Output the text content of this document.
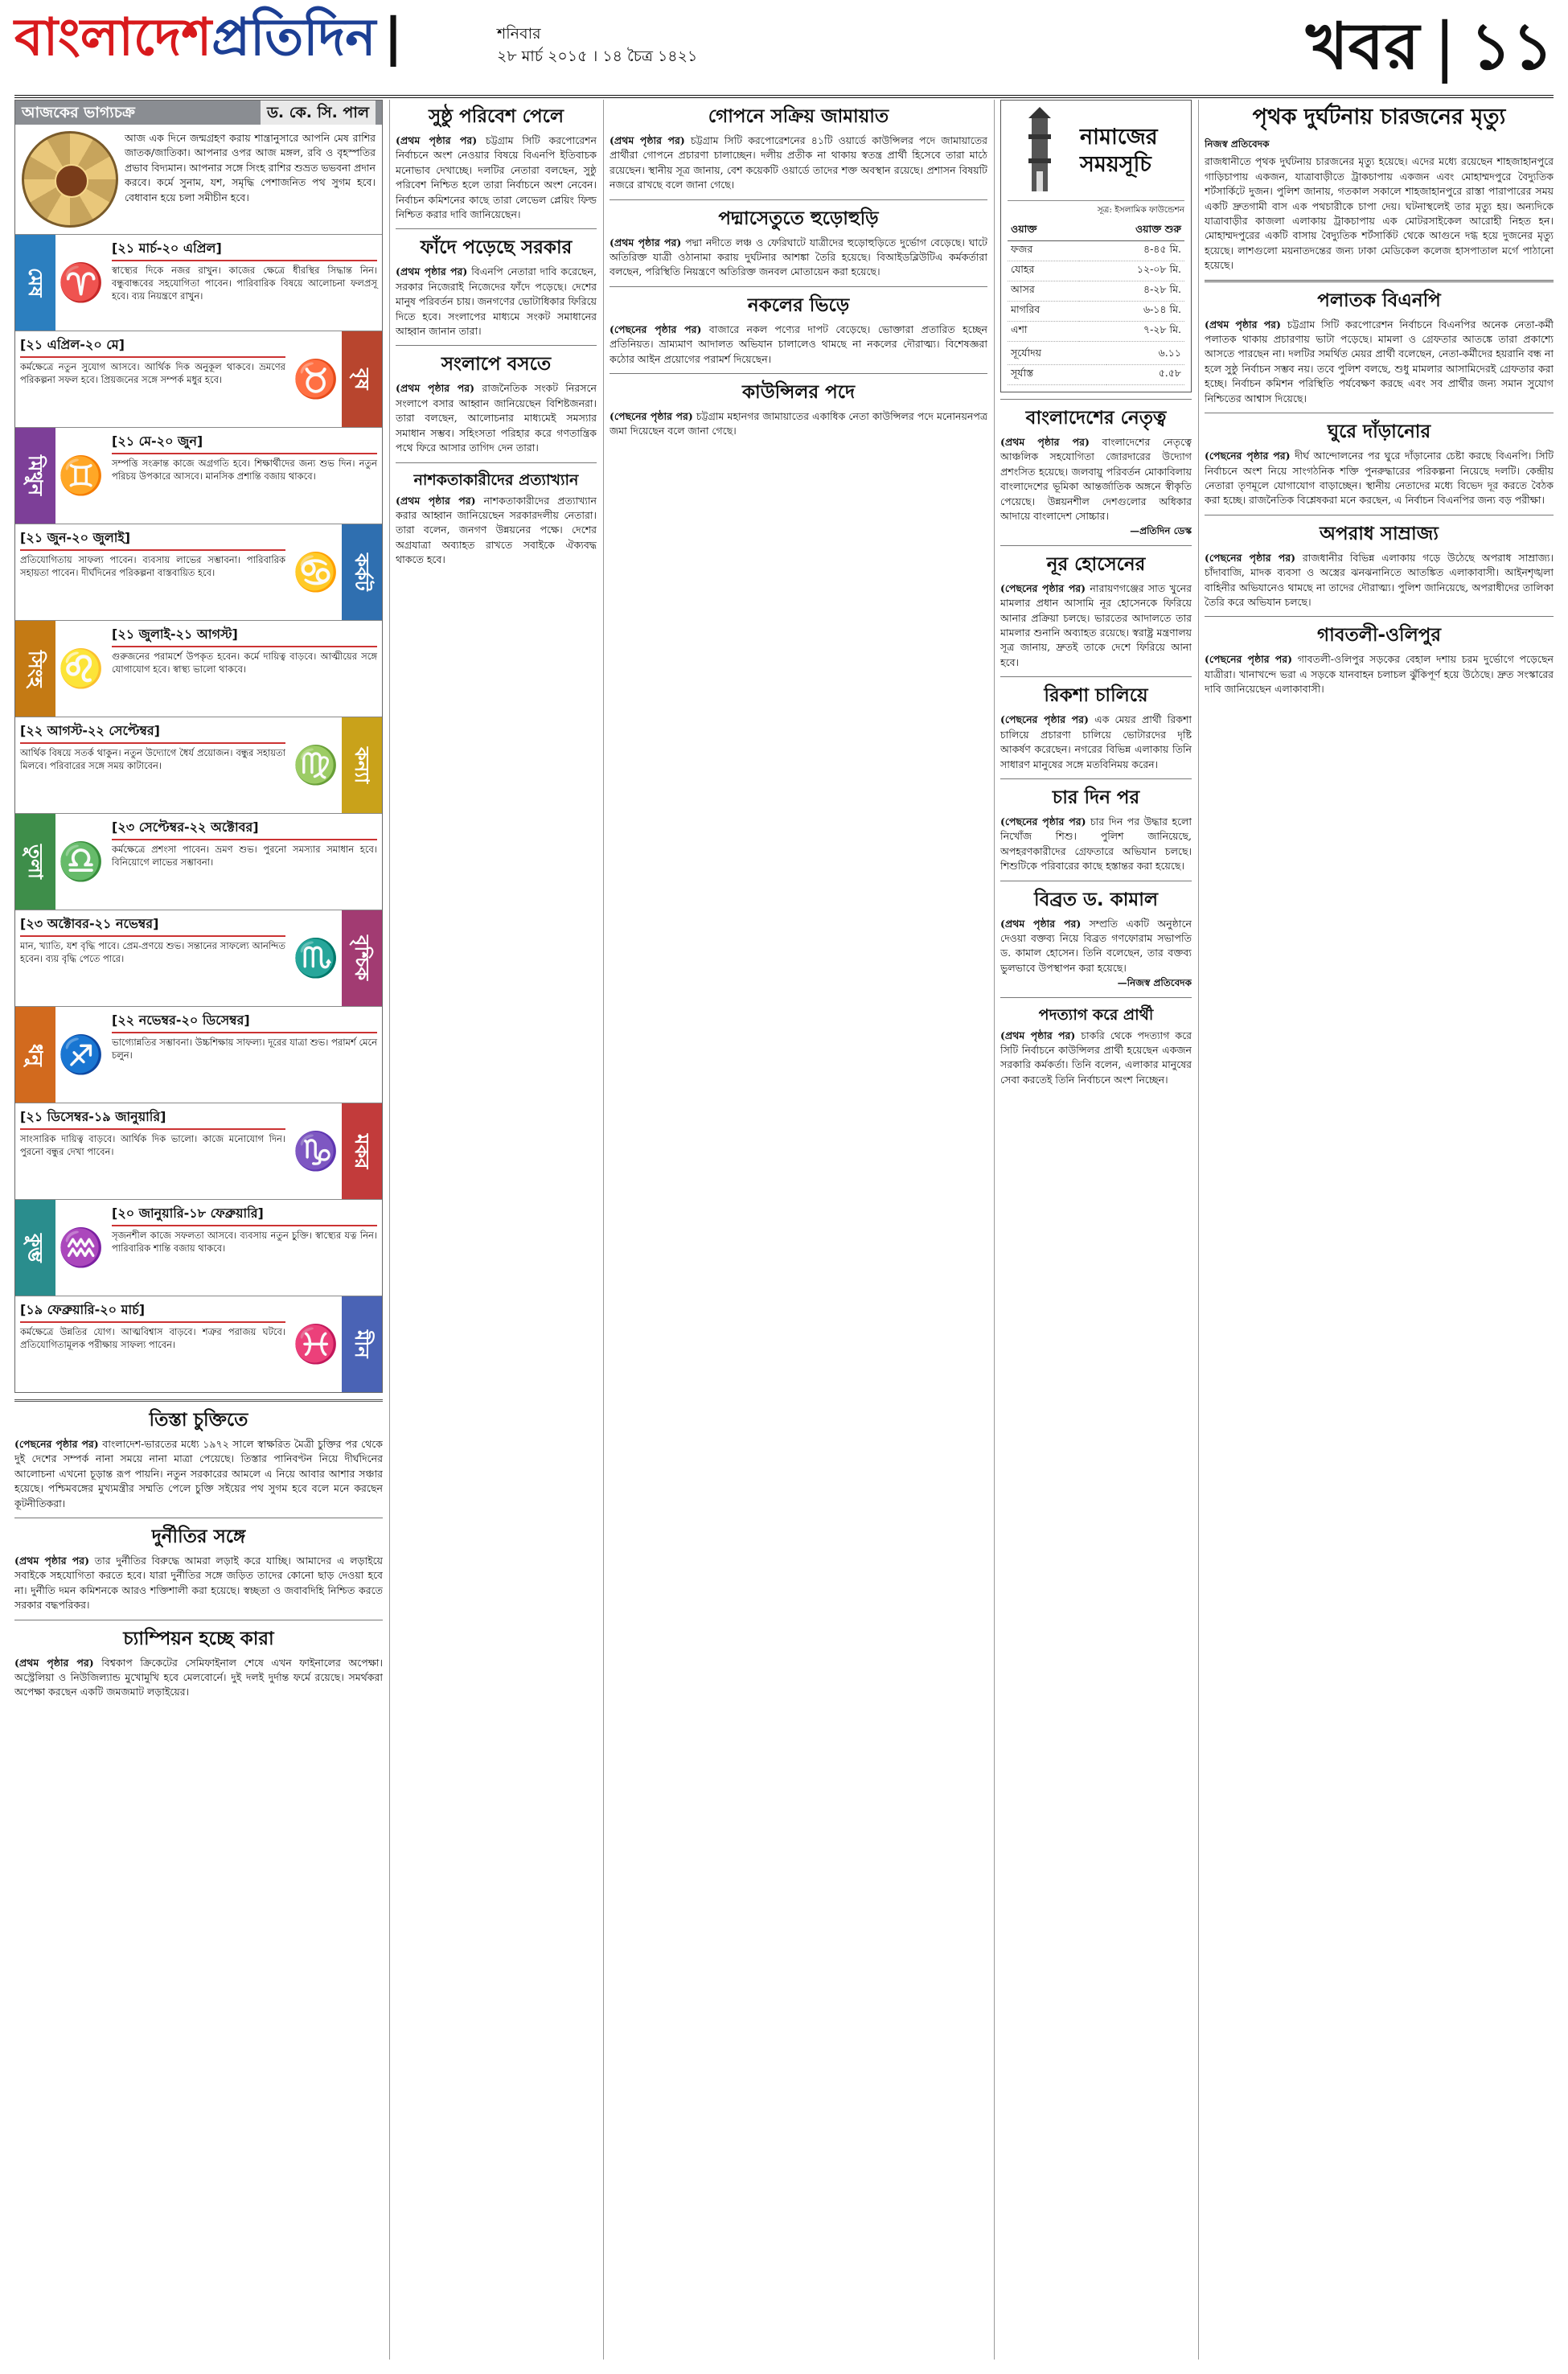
বাংলাদেশপ্রতিদিন |	শনিবার
২৮ মার্চ ২০১৫ । ১৪ চৈত্র ১৪২১	খবর | ১১
আজকের ভাগ্যচক্র	ড. কে. সি. পাল

আজ এক দিনে জন্মগ্রহণ করায় শান্ত্রানুসারে আপনি মেষ রাশির জাতক/জাতিকা। আপনার ওপর আজ মঙ্গল, রবি ও বৃহস্পতির প্রভাব বিদ্যমান। আপনার সঙ্গে সিংহ রাশির শুভ্রত ভভবনা প্রদান করবে। কর্মে সুনাম, যশ, সমৃদ্ধি পেশাজনিত পথ সুগম হবে। বেধাবান হয়ে চলা সমীচীন হবে।

মেষ ♈
[২১ মার্চ-২০ এপ্রিল]
স্বাস্থ্যের দিকে নজর রাখুন। কাজের ক্ষেত্রে ধীরস্থির সিদ্ধান্ত নিন। বন্ধুবান্ধবের সহযোগিতা পাবেন। পারিবারিক বিষয়ে আলোচনা ফলপ্রসূ হবে। ব্যয় নিয়ন্ত্রণে রাখুন।
বৃষ
♉
[২১ এপ্রিল-২০ মে]
কর্মক্ষেত্রে নতুন সুযোগ আসবে। আর্থিক দিক অনুকূল থাকবে। ভ্রমণের পরিকল্পনা সফল হবে। প্রিয়জনের সঙ্গে সম্পর্ক মধুর হবে।
মিথুন ♊
[২১ মে-২০ জুন]
সম্পত্তি সংক্রান্ত কাজে অগ্রগতি হবে। শিক্ষার্থীদের জন্য শুভ দিন। নতুন পরিচয় উপকারে আসবে। মানসিক প্রশান্তি বজায় থাকবে।
কর্কট
♋
[২১ জুন-২০ জুলাই]
প্রতিযোগিতায় সাফল্য পাবেন। ব্যবসায় লাভের সম্ভাবনা। পারিবারিক সহায়তা পাবেন। দীর্ঘদিনের পরিকল্পনা বাস্তবায়িত হবে।
সিংহ ♌
[২১ জুলাই-২১ আগস্ট]
গুরুজনের পরামর্শে উপকৃত হবেন। কর্মে দায়িত্ব বাড়বে। আত্মীয়ের সঙ্গে যোগাযোগ হবে। স্বাস্থ্য ভালো থাকবে।
কন্যা
♍
[২২ আগস্ট-২২ সেপ্টেম্বর]
আর্থিক বিষয়ে সতর্ক থাকুন। নতুন উদ্যোগে ধৈর্য প্রয়োজন। বন্ধুর সহায়তা মিলবে। পরিবারের সঙ্গে সময় কাটাবেন।
তুলা ♎
[২৩ সেপ্টেম্বর-২২ অক্টোবর]
কর্মক্ষেত্রে প্রশংসা পাবেন। ভ্রমণ শুভ। পুরনো সমস্যার সমাধান হবে। বিনিয়োগে লাভের সম্ভাবনা।
বৃশ্চিক
♏
[২৩ অক্টোবর-২১ নভেম্বর]
মান, খ্যাতি, যশ বৃদ্ধি পাবে। প্রেম-প্রণয়ে শুভ। সন্তানের সাফল্যে আনন্দিত হবেন। ব্যয় বৃদ্ধি পেতে পারে।
ধনু ♐
[২২ নভেম্বর-২০ ডিসেম্বর]
ভাগ্যোন্নতির সম্ভাবনা। উচ্চশিক্ষায় সাফল্য। দূরের যাত্রা শুভ। পরামর্শ মেনে চলুন।
মকর
♑
[২১ ডিসেম্বর-১৯ জানুয়ারি]
সাংসারিক দায়িত্ব বাড়বে। আর্থিক দিক ভালো। কাজে মনোযোগ দিন। পুরনো বন্ধুর দেখা পাবেন।
কুম্ভ ♒
[২০ জানুয়ারি-১৮ ফেব্রুয়ারি]
সৃজনশীল কাজে সফলতা আসবে। ব্যবসায় নতুন চুক্তি। স্বাস্থ্যের যত্ন নিন। পারিবারিক শান্তি বজায় থাকবে।
মীন
♓
[১৯ ফেব্রুয়ারি-২০ মার্চ]
কর্মক্ষেত্রে উন্নতির যোগ। আত্মবিশ্বাস বাড়বে। শত্রুর পরাজয় ঘটবে। প্রতিযোগিতামূলক পরীক্ষায় সাফল্য পাবেন।
তিস্তা চুক্তিতে

(পেছনের পৃষ্ঠার পর) বাংলাদেশ-ভারতের মধ্যে ১৯৭২ সালে স্বাক্ষরিত মৈত্রী চুক্তির পর থেকে দুই দেশের সম্পর্ক নানা সময়ে নানা মাত্রা পেয়েছে। তিস্তার পানিবণ্টন নিয়ে দীর্ঘদিনের আলোচনা এখনো চূড়ান্ত রূপ পায়নি। নতুন সরকারের আমলে এ নিয়ে আবার আশার সঞ্চার হয়েছে। পশ্চিমবঙ্গের মুখ্যমন্ত্রীর সম্মতি পেলে চুক্তি সইয়ের পথ সুগম হবে বলে মনে করছেন কূটনীতিকরা।

দুর্নীতির সঙ্গে

(প্রথম পৃষ্ঠার পর) তার দুর্নীতির বিরুদ্ধে আমরা লড়াই করে যাচ্ছি। আমাদের এ লড়াইয়ে সবাইকে সহযোগিতা করতে হবে। যারা দুর্নীতির সঙ্গে জড়িত তাদের কোনো ছাড় দেওয়া হবে না। দুর্নীতি দমন কমিশনকে আরও শক্তিশালী করা হয়েছে। স্বচ্ছতা ও জবাবদিহি নিশ্চিত করতে সরকার বদ্ধপরিকর।

চ্যাম্পিয়ন হচ্ছে কারা

(প্রথম পৃষ্ঠার পর) বিশ্বকাপ ক্রিকেটের সেমিফাইনাল শেষে এখন ফাইনালের অপেক্ষা। অস্ট্রেলিয়া ও নিউজিল্যান্ড মুখোমুখি হবে মেলবোর্নে। দুই দলই দুর্দান্ত ফর্মে রয়েছে। সমর্থকরা অপেক্ষা করছেন একটি জমজমাট লড়াইয়ের।

সুষ্ঠু পরিবেশ পেলে

(প্রথম পৃষ্ঠার পর) চট্টগ্রাম সিটি করপোরেশন নির্বাচনে অংশ নেওয়ার বিষয়ে বিএনপি ইতিবাচক মনোভাব দেখাচ্ছে। দলটির নেতারা বলছেন, সুষ্ঠু পরিবেশ নিশ্চিত হলে তারা নির্বাচনে অংশ নেবেন। নির্বাচন কমিশনের কাছে তারা লেভেল প্লেয়িং ফিল্ড নিশ্চিত করার দাবি জানিয়েছেন।

ফাঁদে পড়েছে সরকার

(প্রথম পৃষ্ঠার পর) বিএনপি নেতারা দাবি করেছেন, সরকার নিজেরাই নিজেদের ফাঁদে পড়েছে। দেশের মানুষ পরিবর্তন চায়। জনগণের ভোটাধিকার ফিরিয়ে দিতে হবে। সংলাপের মাধ্যমে সংকট সমাধানের আহ্বান জানান তারা।

সংলাপে বসতে

(প্রথম পৃষ্ঠার পর) রাজনৈতিক সংকট নিরসনে সংলাপে বসার আহ্বান জানিয়েছেন বিশিষ্টজনরা। তারা বলছেন, আলোচনার মাধ্যমেই সমস্যার সমাধান সম্ভব। সহিংসতা পরিহার করে গণতান্ত্রিক পথে ফিরে আসার তাগিদ দেন তারা।

নাশকতাকারীদের প্রত্যাখ্যান

(প্রথম পৃষ্ঠার পর) নাশকতাকারীদের প্রত্যাখ্যান করার আহ্বান জানিয়েছেন সরকারদলীয় নেতারা। তারা বলেন, জনগণ উন্নয়নের পক্ষে। দেশের অগ্রযাত্রা অব্যাহত রাখতে সবাইকে ঐক্যবদ্ধ থাকতে হবে।

গোপনে সক্রিয় জামায়াত

(প্রথম পৃষ্ঠার পর) চট্টগ্রাম সিটি করপোরেশনের ৪১টি ওয়ার্ডে কাউন্সিলর পদে জামায়াতের প্রার্থীরা গোপনে প্রচারণা চালাচ্ছেন। দলীয় প্রতীক না থাকায় স্বতন্ত্র প্রার্থী হিসেবে তারা মাঠে রয়েছেন। স্থানীয় সূত্র জানায়, বেশ কয়েকটি ওয়ার্ডে তাদের শক্ত অবস্থান রয়েছে। প্রশাসন বিষয়টি নজরে রাখছে বলে জানা গেছে।

পদ্মাসেতুতে হুড়োহুড়ি

(প্রথম পৃষ্ঠার পর) পদ্মা নদীতে লঞ্চ ও ফেরিঘাটে যাত্রীদের হুড়োহুড়িতে দুর্ভোগ বেড়েছে। ঘাটে অতিরিক্ত যাত্রী ওঠানামা করায় দুর্ঘটনার আশঙ্কা তৈরি হয়েছে। বিআইডব্লিউটিএ কর্মকর্তারা বলছেন, পরিস্থিতি নিয়ন্ত্রণে অতিরিক্ত জনবল মোতায়েন করা হয়েছে।

নকলের ভিড়ে

(পেছনের পৃষ্ঠার পর) বাজারে নকল পণ্যের দাপট বেড়েছে। ভোক্তারা প্রতারিত হচ্ছেন প্রতিনিয়ত। ভ্রাম্যমাণ আদালত অভিযান চালালেও থামছে না নকলের দৌরাত্ম্য। বিশেষজ্ঞরা কঠোর আইন প্রয়োগের পরামর্শ দিয়েছেন।

কাউন্সিলর পদে

(পেছনের পৃষ্ঠার পর) চট্টগ্রাম মহানগর জামায়াতের একাধিক নেতা কাউন্সিলর পদে মনোনয়নপত্র জমা দিয়েছেন বলে জানা গেছে।

নামাজের সময়সূচি
সূত্র: ইসলামিক ফাউন্ডেশন
ওয়াক্ত	ওয়াক্ত শুরু
ফজর	৪-৪৫ মি.
যোহর	১২-০৮ মি.
আসর	৪-২৮ মি.
মাগরিব	৬-১৪ মি.
এশা	৭-২৮ মি.
সূর্যোদয়	৬.১১
সূর্যাস্ত	৫.৫৮
বাংলাদেশের নেতৃত্ব

(প্রথম পৃষ্ঠার পর) বাংলাদেশের নেতৃত্বে আঞ্চলিক সহযোগিতা জোরদারের উদ্যোগ প্রশংসিত হয়েছে। জলবায়ু পরিবর্তন মোকাবিলায় বাংলাদেশের ভূমিকা আন্তর্জাতিক অঙ্গনে স্বীকৃতি পেয়েছে। উন্নয়নশীল দেশগুলোর অধিকার আদায়ে বাংলাদেশ সোচ্চার।

—প্রতিদিন ডেস্ক

নূর হোসেনের

(পেছনের পৃষ্ঠার পর) নারায়ণগঞ্জের সাত খুনের মামলার প্রধান আসামি নূর হোসেনকে ফিরিয়ে আনার প্রক্রিয়া চলছে। ভারতের আদালতে তার মামলার শুনানি অব্যাহত রয়েছে। স্বরাষ্ট্র মন্ত্রণালয় সূত্র জানায়, দ্রুতই তাকে দেশে ফিরিয়ে আনা হবে।

রিকশা চালিয়ে

(পেছনের পৃষ্ঠার পর) এক মেয়র প্রার্থী রিকশা চালিয়ে প্রচারণা চালিয়ে ভোটারদের দৃষ্টি আকর্ষণ করেছেন। নগরের বিভিন্ন এলাকায় তিনি সাধারণ মানুষের সঙ্গে মতবিনিময় করেন।

চার দিন পর

(পেছনের পৃষ্ঠার পর) চার দিন পর উদ্ধার হলো নিখোঁজ শিশু। পুলিশ জানিয়েছে, অপহরণকারীদের গ্রেফতারে অভিযান চলছে। শিশুটিকে পরিবারের কাছে হস্তান্তর করা হয়েছে।

বিব্রত ড. কামাল

(প্রথম পৃষ্ঠার পর) সম্প্রতি একটি অনুষ্ঠানে দেওয়া বক্তব্য নিয়ে বিব্রত গণফোরাম সভাপতি ড. কামাল হোসেন। তিনি বলেছেন, তার বক্তব্য ভুলভাবে উপস্থাপন করা হয়েছে।

—নিজস্ব প্রতিবেদক

পদত্যাগ করে প্রার্থী

(প্রথম পৃষ্ঠার পর) চাকরি থেকে পদত্যাগ করে সিটি নির্বাচনে কাউন্সিলর প্রার্থী হয়েছেন একজন সরকারি কর্মকর্তা। তিনি বলেন, এলাকার মানুষের সেবা করতেই তিনি নির্বাচনে অংশ নিচ্ছেন।

পৃথক দুর্ঘটনায় চারজনের মৃত্যু

নিজস্ব প্রতিবেদক

রাজধানীতে পৃথক দুর্ঘটনায় চারজনের মৃত্যু হয়েছে। এদের মধ্যে রয়েছেন শাহজাহানপুরে গাড়িচাপায় একজন, যাত্রাবাড়ীতে ট্রাকচাপায় একজন এবং মোহাম্মদপুরে বৈদ্যুতিক শর্টসার্কিটে দুজন। পুলিশ জানায়, গতকাল সকালে শাহজাহানপুরে রাস্তা পারাপারের সময় একটি দ্রুতগামী বাস এক পথচারীকে চাপা দেয়। ঘটনাস্থলেই তার মৃত্যু হয়। অন্যদিকে যাত্রাবাড়ীর কাজলা এলাকায় ট্রাকচাপায় এক মোটরসাইকেল আরোহী নিহত হন। মোহাম্মদপুরের একটি বাসায় বৈদ্যুতিক শর্টসার্কিট থেকে আগুনে দগ্ধ হয়ে দুজনের মৃত্যু হয়েছে। লাশগুলো ময়নাতদন্তের জন্য ঢাকা মেডিকেল কলেজ হাসপাতাল মর্গে পাঠানো হয়েছে।

পলাতক বিএনপি

(প্রথম পৃষ্ঠার পর) চট্টগ্রাম সিটি করপোরেশন নির্বাচনে বিএনপির অনেক নেতা-কর্মী পলাতক থাকায় প্রচারণায় ভাটা পড়েছে। মামলা ও গ্রেফতার আতঙ্কে তারা প্রকাশ্যে আসতে পারছেন না। দলটির সমর্থিত মেয়র প্রার্থী বলেছেন, নেতা-কর্মীদের হয়রানি বন্ধ না হলে সুষ্ঠু নির্বাচন সম্ভব নয়। তবে পুলিশ বলছে, শুধু মামলার আসামিদেরই গ্রেফতার করা হচ্ছে। নির্বাচন কমিশন পরিস্থিতি পর্যবেক্ষণ করছে এবং সব প্রার্থীর জন্য সমান সুযোগ নিশ্চিতের আশ্বাস দিয়েছে।

ঘুরে দাঁড়ানোর

(পেছনের পৃষ্ঠার পর) দীর্ঘ আন্দোলনের পর ঘুরে দাঁড়ানোর চেষ্টা করছে বিএনপি। সিটি নির্বাচনে অংশ নিয়ে সাংগঠনিক শক্তি পুনরুদ্ধারের পরিকল্পনা নিয়েছে দলটি। কেন্দ্রীয় নেতারা তৃণমূলে যোগাযোগ বাড়াচ্ছেন। স্থানীয় নেতাদের মধ্যে বিভেদ দূর করতে বৈঠক করা হচ্ছে। রাজনৈতিক বিশ্লেষকরা মনে করছেন, এ নির্বাচন বিএনপির জন্য বড় পরীক্ষা।

অপরাধ সাম্রাজ্য

(পেছনের পৃষ্ঠার পর) রাজধানীর বিভিন্ন এলাকায় গড়ে উঠেছে অপরাধ সাম্রাজ্য। চাঁদাবাজি, মাদক ব্যবসা ও অস্ত্রের ঝনঝনানিতে আতঙ্কিত এলাকাবাসী। আইনশৃঙ্খলা বাহিনীর অভিযানেও থামছে না তাদের দৌরাত্ম্য। পুলিশ জানিয়েছে, অপরাধীদের তালিকা তৈরি করে অভিযান চলছে।

গাবতলী-ওলিপুর

(পেছনের পৃষ্ঠার পর) গাবতলী-ওলিপুর সড়কের বেহাল দশায় চরম দুর্ভোগে পড়েছেন যাত্রীরা। খানাখন্দে ভরা এ সড়কে যানবাহন চলাচল ঝুঁকিপূর্ণ হয়ে উঠেছে। দ্রুত সংস্কারের দাবি জানিয়েছেন এলাকাবাসী।
